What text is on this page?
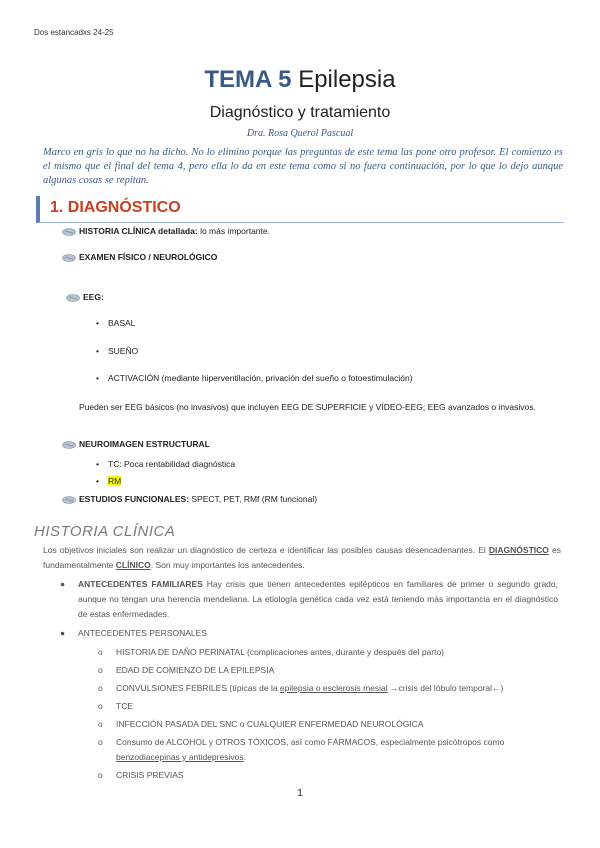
Dos estancadxs 24-25
TEMA 5 Epilepsia
Diagnóstico y tratamiento
Dra. Rosa Querol Pascual
Marco en gris lo que no ha dicho. No lo elimino porque las preguntas de este tema las pone otro profesor. El comienzo es el mismo que el final del tema 4, pero ella lo da en este tema como si no fuera continuación, por lo que lo dejo aunque algunas cosas se repitan.
1. DIAGNÓSTICO
HISTORIA CLÍNICA detallada: lo más importante.
EXAMEN FÍSICO / NEUROLÓGICO
EEG:
• BASAL
• SUEÑO
• ACTIVACIÓN (mediante hiperventilación, privación del sueño o fotoestimulación)
Pueden ser EEG básicos (no invasivos) que incluyen EEG DE SUPERFICIE y VÍDEO-EEG; EEG avanzados o invasivos.
NEUROIMAGEN ESTRUCTURAL
• TC: Poca rentabilidad diagnóstica
• RM
ESTUDIOS FUNCIONALES: SPECT, PET, RMf (RM funcional)
HISTORIA CLÍNICA
Los objetivos iniciales son realizar un diagnóstico de certeza e identificar las posibles causas desencadenantes. El DIAGNÓSTICO es fundamentalmente CLÍNICO. Son muy importantes los antecedentes.
●	ANTECEDENTES FAMILIARES Hay crisis que tienen antecedentes epilépticos en familiares de primer o segundo grado, aunque no tengan una herencia mendeliana. La etiología genética cada vez está teniendo más importancia en el diagnóstico de estas enfermedades.
●	ANTECEDENTES PERSONALES
o HISTORIA DE DAÑO PERINATAL (complicaciones antes, durante y después del parto)
o EDAD DE COMIENZO DE LA EPILEPSIA
o CONVULSIONES FEBRILES (típicas de la epilepsia o esclerosis mesial →crisis del lóbulo temporal←)
o TCE
o INFECCIÓN PASADA DEL SNC o CUALQUIER ENFERMEDAD NEUROLÓGICA
o Consumo de ALCOHOL y OTROS TÓXICOS, así como FÁRMACOS, especialmente psicótropos como benzodiacepinas y antidepresivos.
o CRISIS PREVIAS
1
